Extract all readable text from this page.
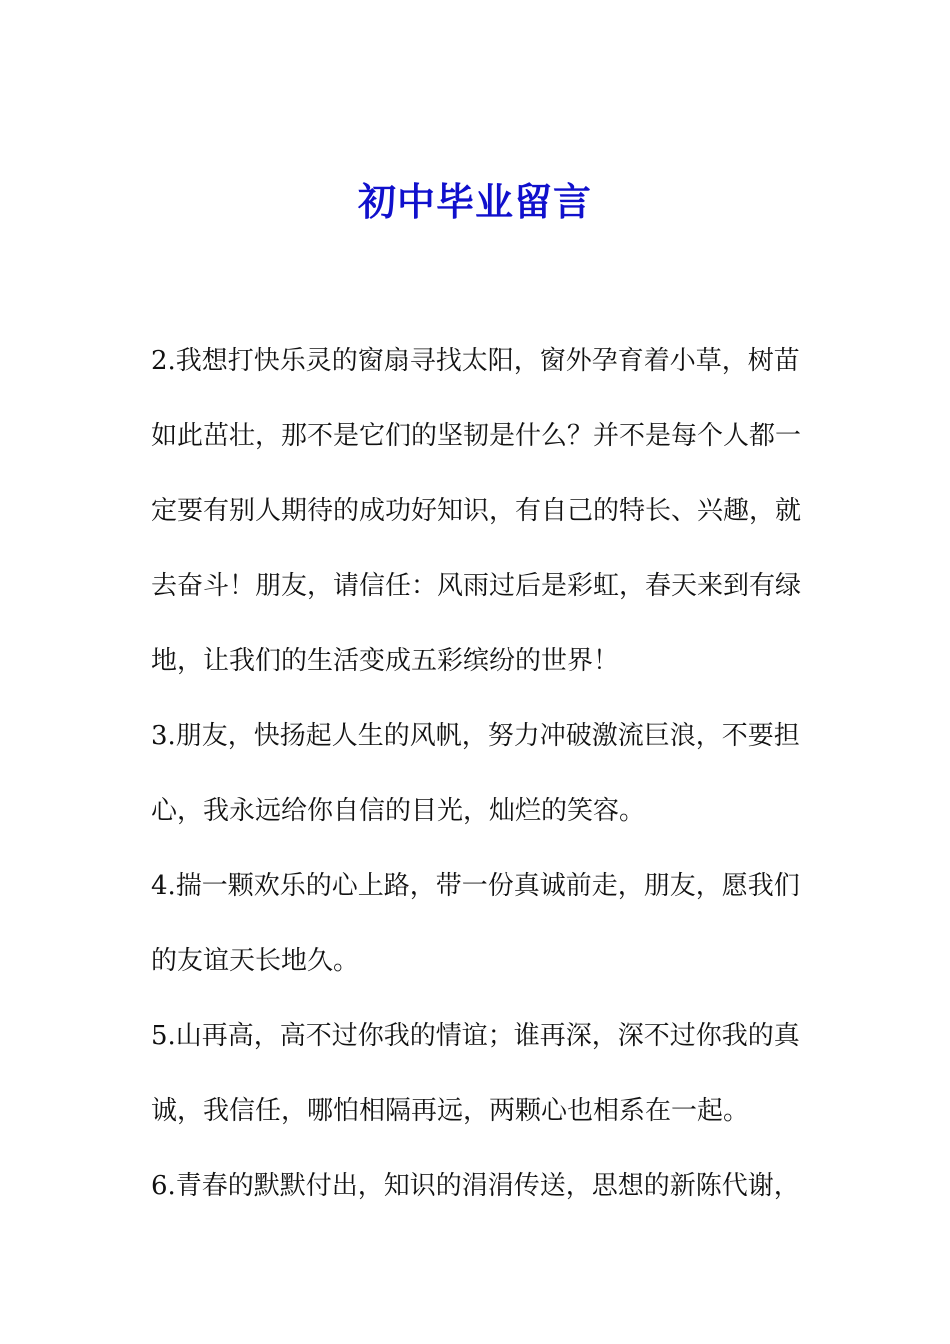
初中毕业留言
2.我想打快乐灵的窗扇寻找太阳，窗外孕育着小草，树苗
如此茁壮，那不是它们的坚韧是什么？并不是每个人都一
定要有别人期待的成功好知识，有自己的特长、兴趣，就
去奋斗！朋友，请信任：风雨过后是彩虹，春天来到有绿
地，让我们的生活变成五彩缤纷的世界！
3.朋友，快扬起人生的风帆，努力冲破激流巨浪，不要担
心，我永远给你自信的目光，灿烂的笑容。
4.揣一颗欢乐的心上路，带一份真诚前走，朋友，愿我们
的友谊天长地久。
5.山再高，高不过你我的情谊；谁再深，深不过你我的真
诚，我信任，哪怕相隔再远，两颗心也相系在一起。
6.青春的默默付出，知识的涓涓传送，思想的新陈代谢，
